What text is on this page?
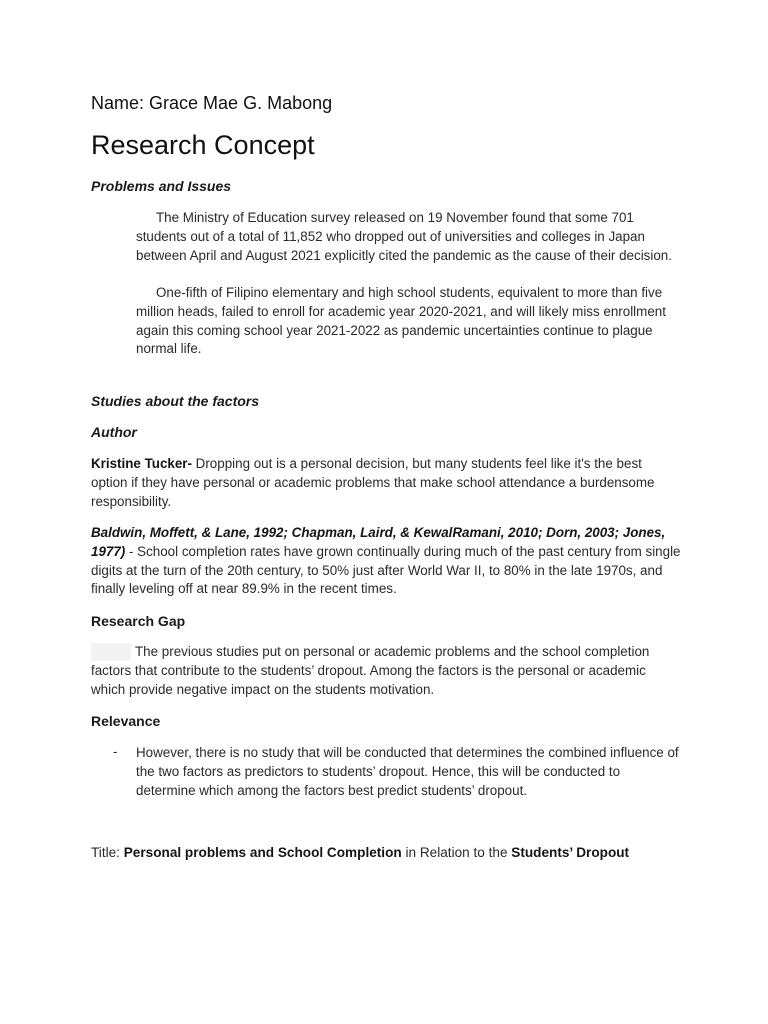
Name: Grace Mae G. Mabong
Research Concept
Problems and Issues

The Ministry of Education survey released on 19 November found that some 701 students out of a total of 11,852 who dropped out of universities and colleges in Japan between April and August 2021 explicitly cited the pandemic as the cause of their decision.

One-fifth of Filipino elementary and high school students, equivalent to more than five million heads, failed to enroll for academic year 2020-2021, and will likely miss enrollment again this coming school year 2021-2022 as pandemic uncertainties continue to plague normal life.

Studies about the factors
Author

Kristine Tucker- Dropping out is a personal decision, but many students feel like it's the best option if they have personal or academic problems that make school attendance a burdensome responsibility.

Baldwin, Moffett, & Lane, 1992; Chapman, Laird, & KewalRamani, 2010; Dorn, 2003; Jones, 1977) - School completion rates have grown continually during much of the past century from single digits at the turn of the 20th century, to 50% just after World War II, to 80% in the late 1970s, and finally leveling off at near 89.9% in the recent times.

Research Gap

The previous studies put on personal or academic problems and the school completion factors that contribute to the students’ dropout. Among the factors is the personal or academic which provide negative impact on the students motivation.

Relevance
- However, there is no study that will be conducted that determines the combined influence of the two factors as predictors to students’ dropout. Hence, this will be conducted to determine which among the factors best predict students’ dropout.

Title: Personal problems and School Completion in Relation to the Students’ Dropout
